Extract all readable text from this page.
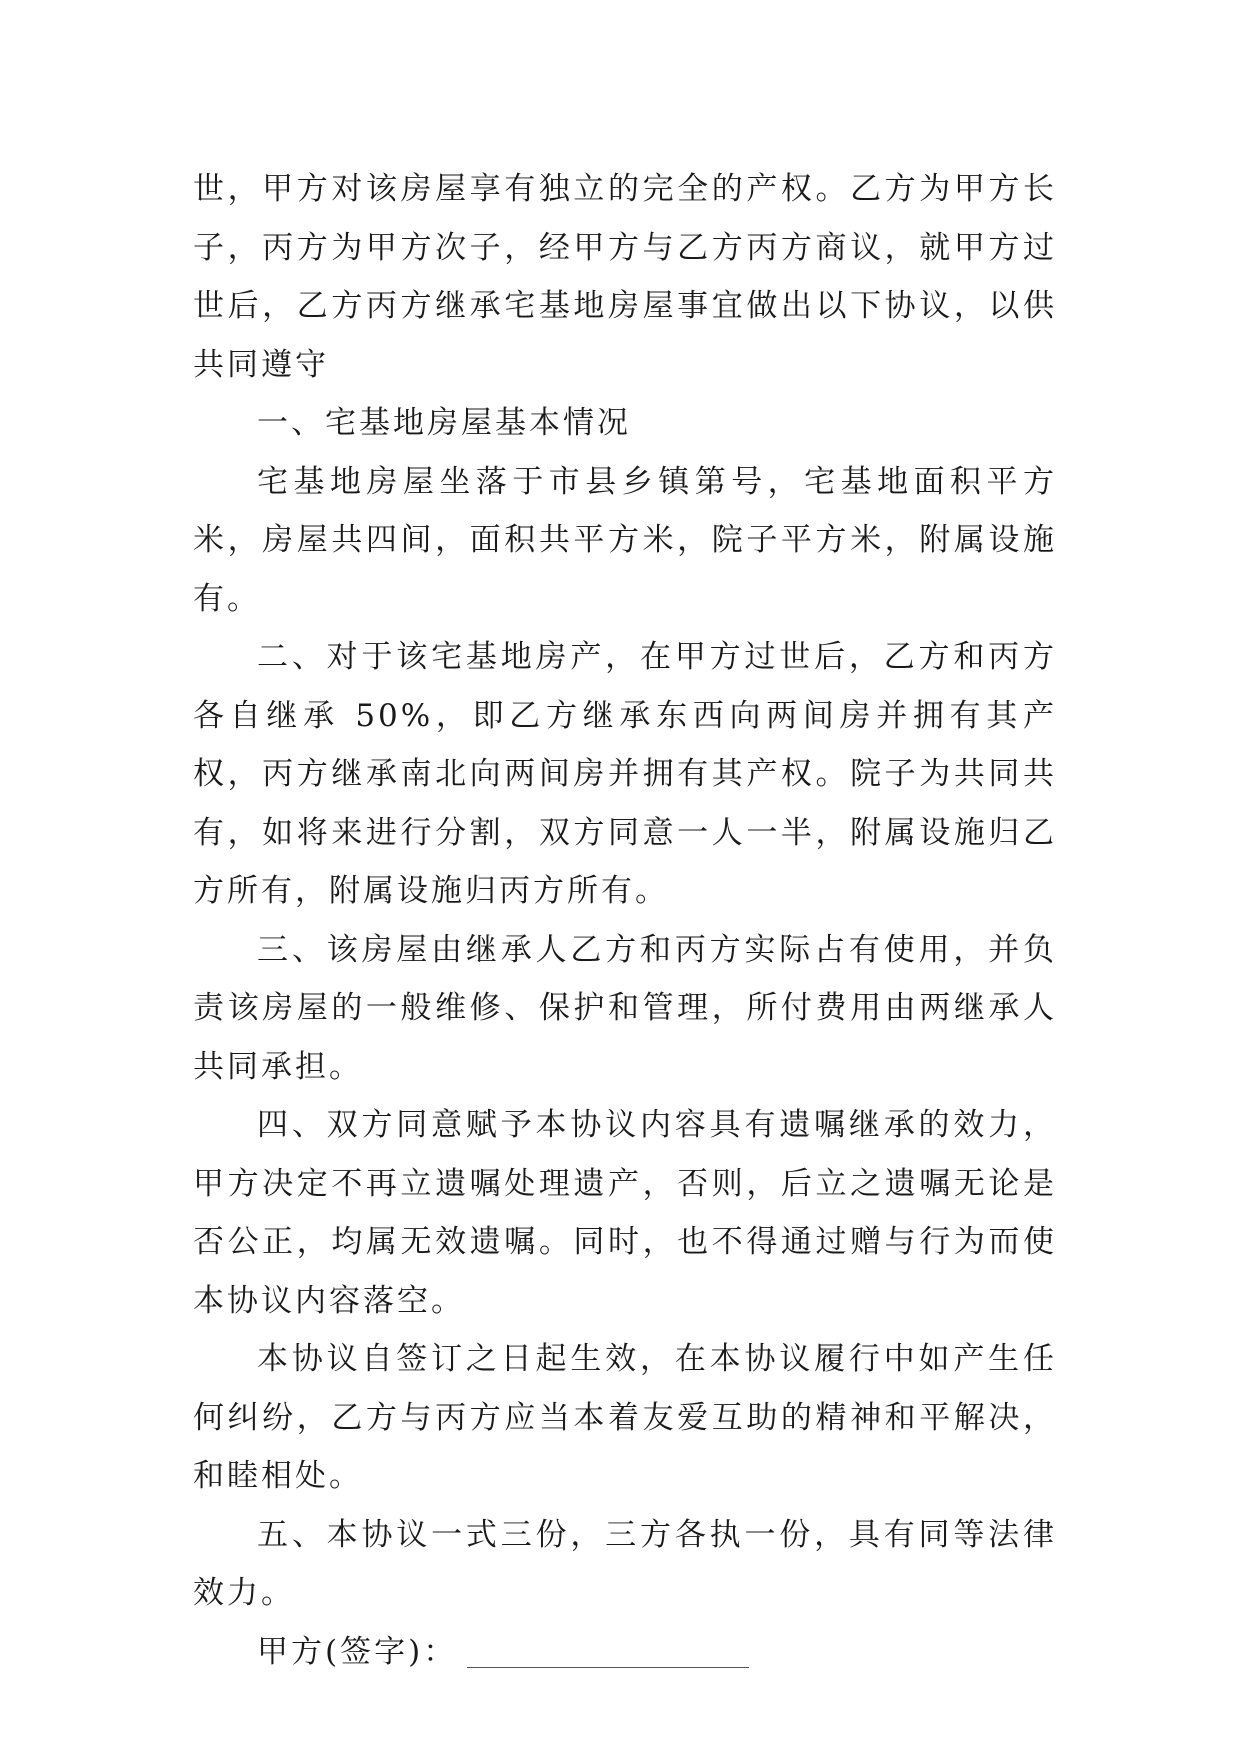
世，甲方对该房屋享有独立的完全的产权。乙方为甲方长子，丙方为甲方次子，经甲方与乙方丙方商议，就甲方过世后，乙方丙方继承宅基地房屋事宜做出以下协议，以供共同遵守

一、宅基地房屋基本情况

宅基地房屋坐落于市县乡镇第号，宅基地面积平方米，房屋共四间，面积共平方米，院子平方米，附属设施有。

二、对于该宅基地房产，在甲方过世后，乙方和丙方各自继承 50%，即乙方继承东西向两间房并拥有其产权，丙方继承南北向两间房并拥有其产权。院子为共同共有，如将来进行分割，双方同意一人一半，附属设施归乙方所有，附属设施归丙方所有。

三、该房屋由继承人乙方和丙方实际占有使用，并负责该房屋的一般维修、保护和管理，所付费用由两继承人共同承担。

四、双方同意赋予本协议内容具有遗嘱继承的效力，甲方决定不再立遗嘱处理遗产，否则，后立之遗嘱无论是否公正，均属无效遗嘱。同时，也不得通过赠与行为而使本协议内容落空。

本协议自签订之日起生效，在本协议履行中如产生任何纠纷，乙方与丙方应当本着友爱互助的精神和平解决，和睦相处。

五、本协议一式三份，三方各执一份，具有同等法律效力。

甲方(签字)：
